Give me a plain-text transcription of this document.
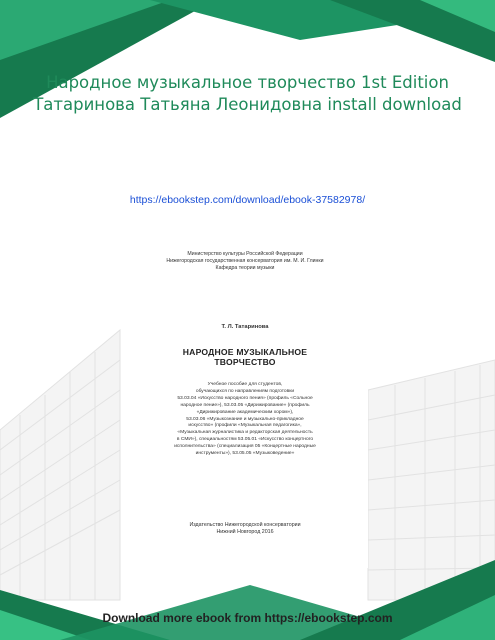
Народное музыкальное творчество 1st Edition
Татаринова Татьяна Леонидовна install download
https://ebookstep.com/download/ebook-37582978/

Министерство культуры Российской Федерации
Нижегородская государственная консерватория им. М. И. Глинки
Кафедра теории музыки

Т. Л. Татаринова

НАРОДНОЕ МУЗЫКАЛЬНОЕ
ТВОРЧЕСТВО

Учебное пособие для студентов,
обучающихся по направлениям подготовки
53.03.04 «Искусство народного пения» (профиль «Сольное
народное пение»), 53.03.05 «Дирижирование» (профиль
«Дирижирование академическим хором»),
53.03.06 «Музыкознание и музыкально-прикладное
искусство» (профили «Музыкальная педагогика»,
«Музыкальная журналистика и редакторская деятельность
в СМИ»), специальностям 53.05.01 «Искусство концертного
исполнительства» (специализация 05 «Концертные народные
инструменты»), 53.05.05 «Музыковедение»

Издательство Нижегородской консерватории
Нижний Новгород 2016

Download more ebook from https://ebookstep.com
